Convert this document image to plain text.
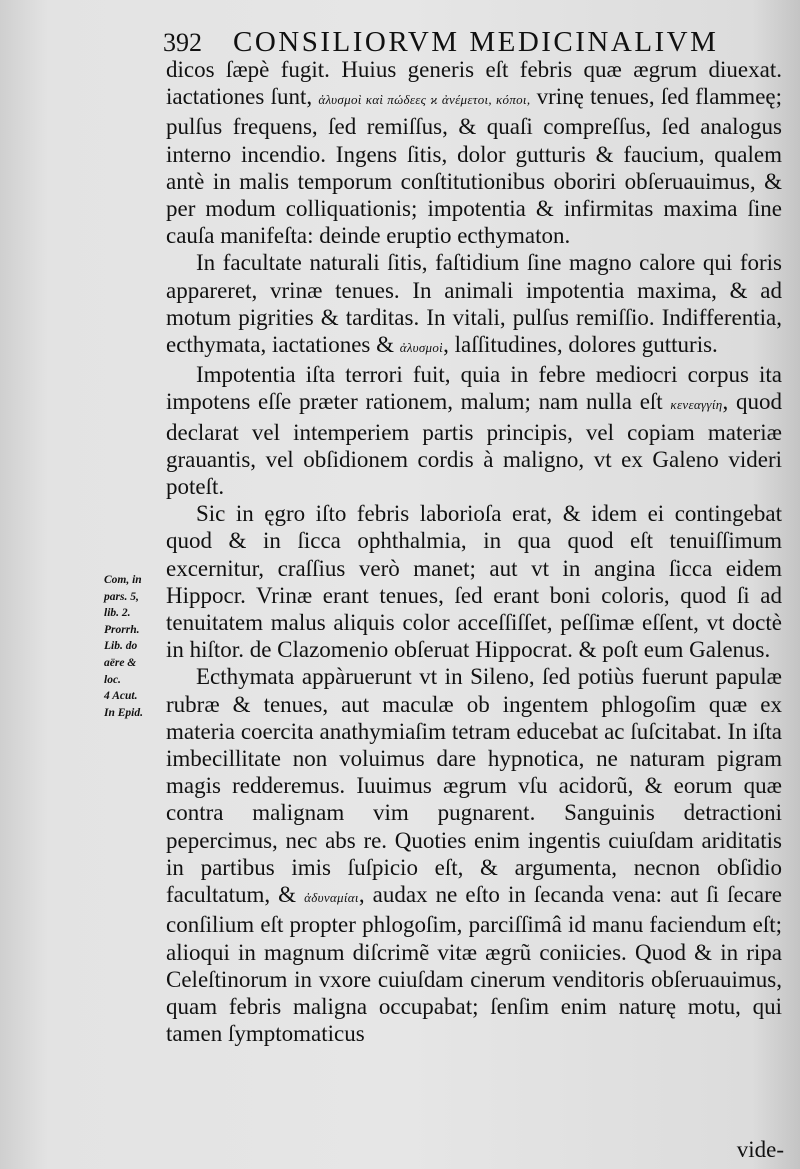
392 CONSILIORVM MEDICINALIVM

dicos ſæpè fugit. Huius generis eſt febris quæ ægrum diuexat. iactationes ſunt, ἀλυσμοὶ καὶ πώδεες ϰ ἀνέμετοι, κόποι, vrinę tenues, ſed flammeę; pulſus frequens, ſed remiſſus, & quaſi compreſſus, ſed analogus interno incendio. Ingens ſitis, dolor gutturis & faucium, qualem antè in malis temporum conſtitutionibus oboriri obſeruauimus, & per modum colliquationis; impotentia & infirmitas maxima ſine cauſa manifeſta: deinde eruptio ecthymaton.

In facultate naturali ſitis, faſtidium ſine magno calore qui foris appareret, vrinæ tenues. In animali impotentia maxima, & ad motum pigrities & tarditas. In vitali, pulſus remiſſio. Indifferentia, ecthymata, iactationes & ἀλυσμοὶ, laſſitudines, dolores gutturis.

Impotentia iſta terrori fuit, quia in febre mediocri corpus ita impotens eſſe præter rationem, malum; nam nulla eſt κενεαγγίη, quod declarat vel intemperiem partis principis, vel copiam materiæ grauantis, vel obſidionem cordis à maligno, vt ex Galeno videri poteſt.

Sic in ęgro iſto febris laborioſa erat, & idem ei contingebat quod & in ſicca ophthalmia, in qua quod eſt tenuiſſimum excernitur, craſſius verò manet; aut vt in angina ſicca eidem Hippocr. Vrinæ erant tenues, ſed erant boni coloris, quod ſi ad tenuitatem malus aliquis color acceſſiſſet, peſſimæ eſſent, vt doctè in hiſtor. de Clazomenio obſeruat Hippocrat. & poſt eum Galenus.

Ecthymata appàruerunt vt in Sileno, ſed potiùs fuerunt papulæ rubræ & tenues, aut maculæ ob ingentem phlogoſim quæ ex materia coercita anathymiaſim tetram educebat ac ſuſcitabat. In iſta imbecillitate non voluimus dare hypnotica, ne naturam pigram magis redderemus. Iuuimus ægrum vſu acidorũ, & eorum quæ contra malignam vim pugnarent. Sanguinis detractioni pepercimus, nec abs re. Quoties enim ingentis cuiuſdam ariditatis in partibus imis ſuſpicio eſt, & argumenta, necnon obſidio facultatum, & ἀδυναμίαι, audax ne eſto in ſecanda vena: aut ſi ſecare conſilium eſt propter phlogoſim, parciſſimâ id manu faciendum eſt; alioqui in magnum diſcrimẽ vitæ ægrũ coniicies. Quod & in ripa Celeſtinorum in vxore cuiuſdam cinerum venditoris obſeruauimus, quam febris maligna occupabat; ſenſim enim naturę motu, qui tamen ſymptomaticus

Com, in
pars. 5,
lib. 2.
Prorrh.
Lib. do
aëre &
loc.
4 Acut.
In Epid.
vide-
